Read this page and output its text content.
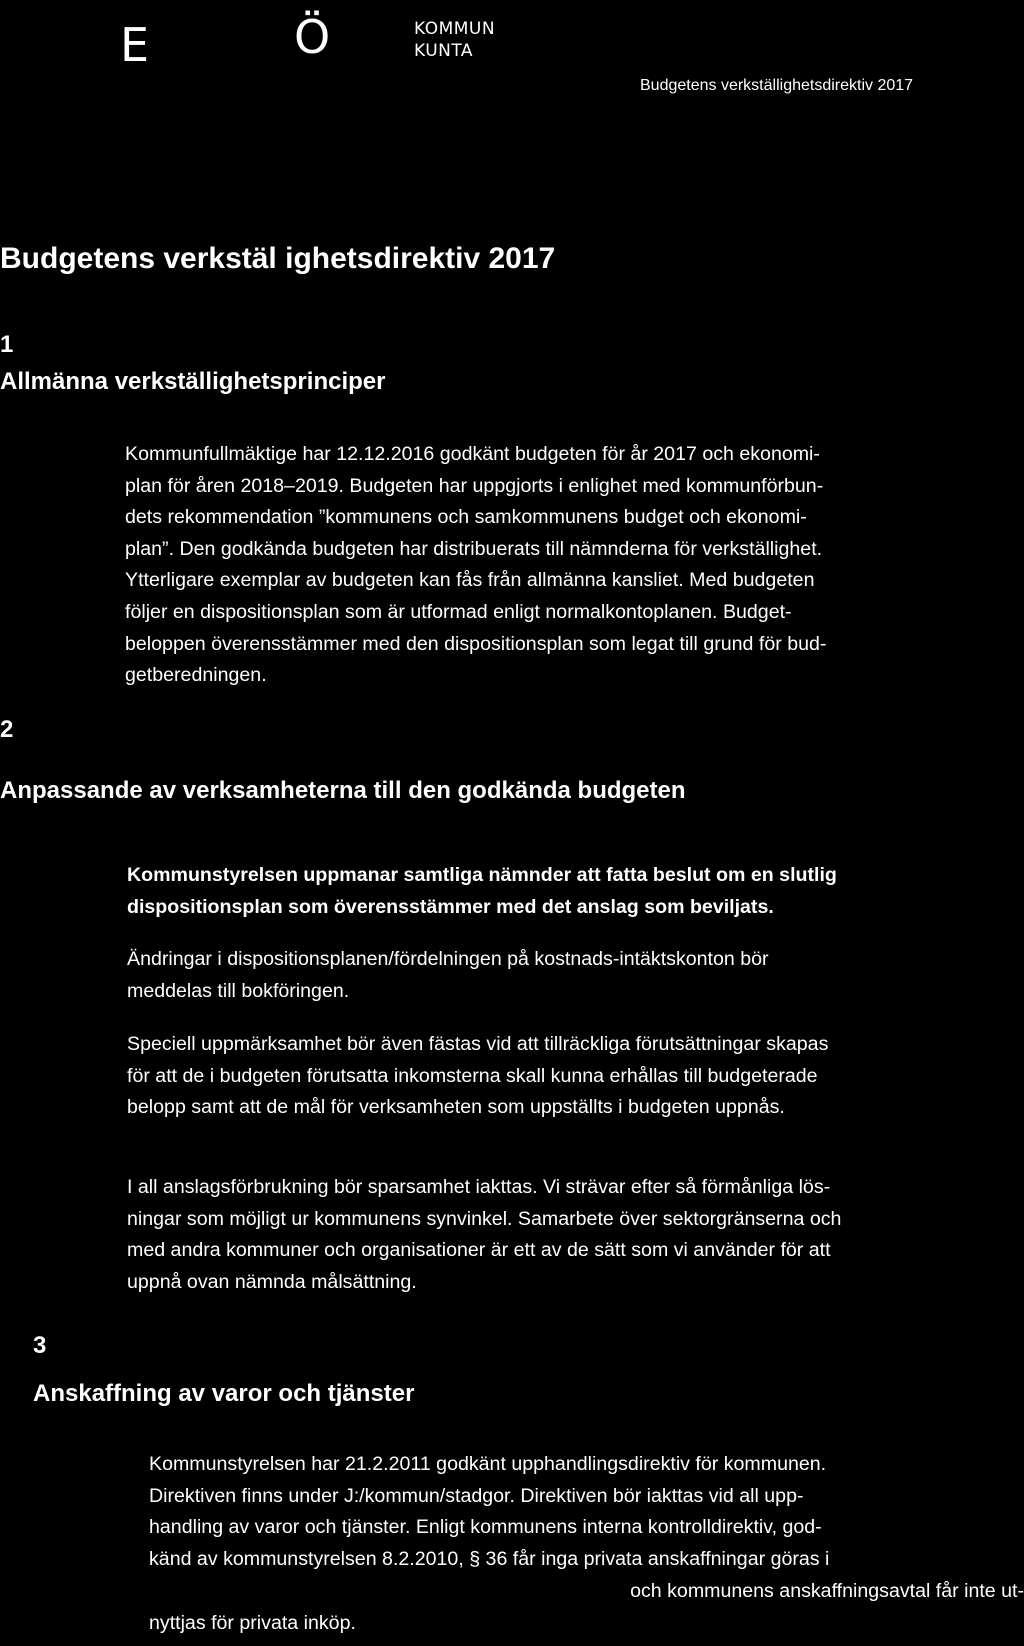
E	Ö	KOMMUN
KUNTA
Budgetens verkställighetsdirektiv 2017
Budgetens verkstäl ighetsdirektiv 2017
1
Allmänna verkställighetsprinciper

Kommunfullmäktige har 12.12.2016 godkänt budgeten för år 2017 och ekonomi-
plan för åren 2018–2019. Budgeten har uppgjorts i enlighet med kommunförbun-
dets rekommendation ”kommunens och samkommunens budget och ekonomi-
plan”. Den godkända budgeten har distribuerats till nämnderna för verkställighet.
Ytterligare exemplar av budgeten kan fås från allmänna kansliet. Med budgeten
följer en dispositionsplan som är utformad enligt normalkontoplanen. Budget-
beloppen överensstämmer med den dispositionsplan som legat till grund för bud-
getberedningen.

2
Anpassande av verksamheterna till den godkända budgeten

Kommunstyrelsen uppmanar samtliga nämnder att fatta beslut om en slutlig
dispositionsplan som överensstämmer med det anslag som beviljats.

Ändringar i dispositionsplanen/fördelningen på kostnads-intäktskonton bör
meddelas till bokföringen.

Speciell uppmärksamhet bör även fästas vid att tillräckliga förutsättningar skapas
för att de i budgeten förutsatta inkomsterna skall kunna erhållas till budgeterade
belopp samt att de mål för verksamheten som uppställts i budgeten uppnås.

I all anslagsförbrukning bör sparsamhet iakttas. Vi strävar efter så förmånliga lös-
ningar som möjligt ur kommunens synvinkel. Samarbete över sektorgränserna och
med andra kommuner och organisationer är ett av de sätt som vi använder för att
uppnå ovan nämnda målsättning.

3
Anskaffning av varor och tjänster

Kommunstyrelsen har 21.2.2011 godkänt upphandlingsdirektiv för kommunen.
Direktiven finns under J:/kommun/stadgor. Direktiven bör iakttas vid all upp-
handling av varor och tjänster. Enligt kommunens interna kontrolldirektiv, god-
känd av kommunstyrelsen 8.2.2010, § 36 får inga privata anskaffningar göras i

och kommunens anskaffningsavtal får inte ut-

nyttjas för privata inköp.
